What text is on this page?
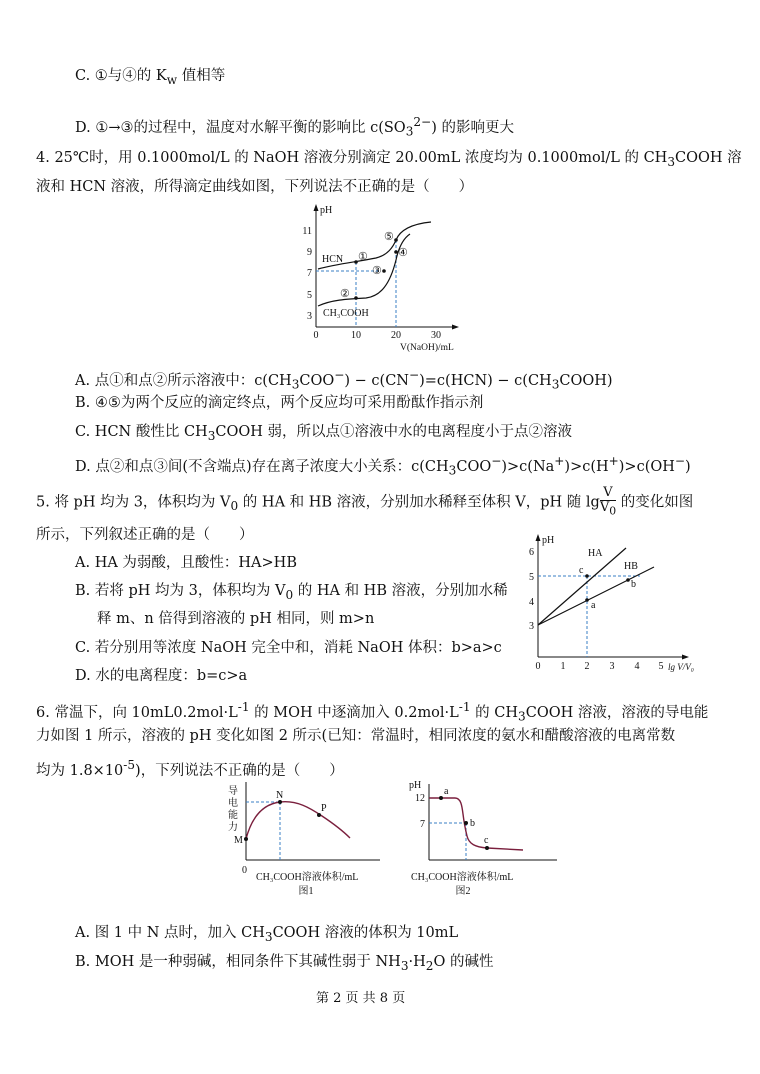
C. ①与④的 $K_w$ 值相等
D. ①→③的过程中，温度对水解平衡的影响比 $c(SO_3^{2-})$ 的影响更大
4. 25℃时，用 0.1000mol/L 的 NaOH 溶液分别滴定 20.00mL 浓度均为 0.1000mol/L 的 $CH_3COOH$ 溶
液和 HCN 溶液，所得滴定曲线如图，下列说法不正确的是（　　）
pH
11
9
7
5
3
0	10	20	30
V(NaOH)/mL
HCN ①
②
③
④
⑤
CH₃COOH
A. 点①和点②所示溶液中：$c(CH_3COO^-) - c(CN^-)=c(HCN)$ − $c(CH_3COOH)$
B. ④⑤为两个反应的滴定终点，两个反应均可采用酚酞作指示剂
C. HCN 酸性比 $CH_3COOH$ 弱，所以点①溶液中水的电离程度小于点②溶液
D. 点②和点③间(不含端点)存在离子浓度大小关系：$c(CH_3COO^-)>c(Na^+)>c(H^+)>c(OH^-)$
5. 将 pH 均为 3，体积均为 $V_0$ 的 HA 和 HB 溶液，分别加水稀释至体积 V，pH 随 $\lg \frac{V}{V_0}$ 的变化如图
所示，下列叙述正确的是（　　）
A. HA 为弱酸，且酸性：HA>HB
B. 若将 pH 均为 3，体积均为 $V_0$ 的 HA 和 HB 溶液，分别加水稀
释 m、n 倍得到溶液的 pH 相同，则 m>n
C. 若分别用等浓度 NaOH 完全中和，消耗 NaOH 体积：b>a>c
D. 水的电离程度：b=c>a
pH
6
5
4
3
0 1 2 3 4 5 lg V/V₀
HA
HB
c
a
b
6. 常温下，向 $10mL0.2mol\cdot L^{-1}$ 的 MOH 中逐滴加入 $0.2mol\cdot L^{-1}$ 的 $CH_3COOH$ 溶液，溶液的导电能
力如图 1 所示，溶液的 pH 变化如图 2 所示(已知：常温时，相同浓度的氨水和醋酸溶液的电离常数
均为 $1.8\times 10^{-5}$)，下列说法不正确的是（　　）
导
电
能
力
M
N
P
0
CH₃COOH溶液体积/mL
图1
pH
12
7
a
b
c
CH₃COOH溶液体积/mL
图2
A. 图 1 中 N 点时，加入 $CH_3COOH$ 溶液的体积为 10mL
B. MOH 是一种弱碱，相同条件下其碱性弱于 $NH_3\cdot H_2O$ 的碱性
第 2 页 共 8 页
